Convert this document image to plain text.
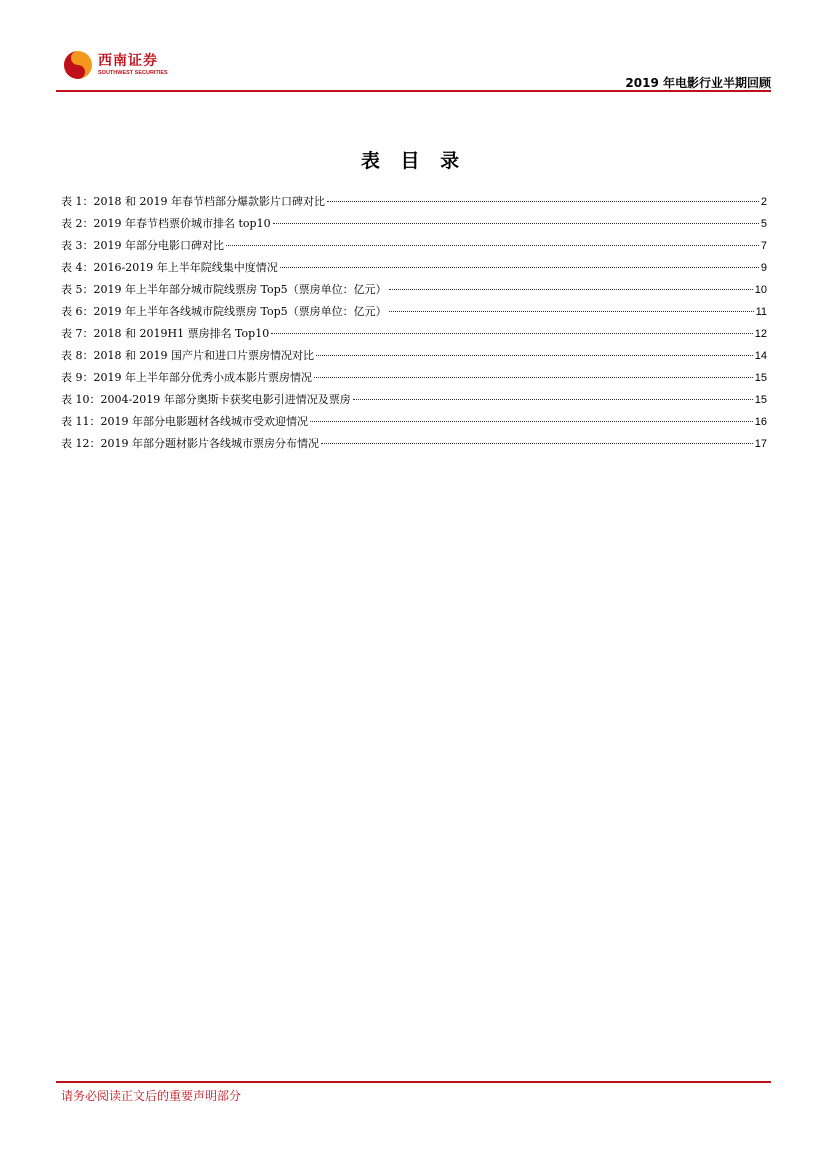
西南证券
SOUTHWEST SECURITIES
2019 年电影行业半期回顾
表 目 录
表 1：2018 和 2019 年春节档部分爆款影片口碑对比	2
表 2：2019 年春节档票价城市排名 top10	5
表 3：2019 年部分电影口碑对比	7
表 4：2016-2019 年上半年院线集中度情况	9
表 5：2019 年上半年部分城市院线票房 Top5（票房单位：亿元）	10
表 6：2019 年上半年各线城市院线票房 Top5（票房单位：亿元）	11
表 7：2018 和 2019H1 票房排名 Top10	12
表 8：2018 和 2019 国产片和进口片票房情况对比	14
表 9：2019 年上半年部分优秀小成本影片票房情况	15
表 10：2004-2019 年部分奥斯卡获奖电影引进情况及票房	15
表 11：2019 年部分电影题材各线城市受欢迎情况	16
表 12：2019 年部分题材影片各线城市票房分布情况	17
请务必阅读正文后的重要声明部分
